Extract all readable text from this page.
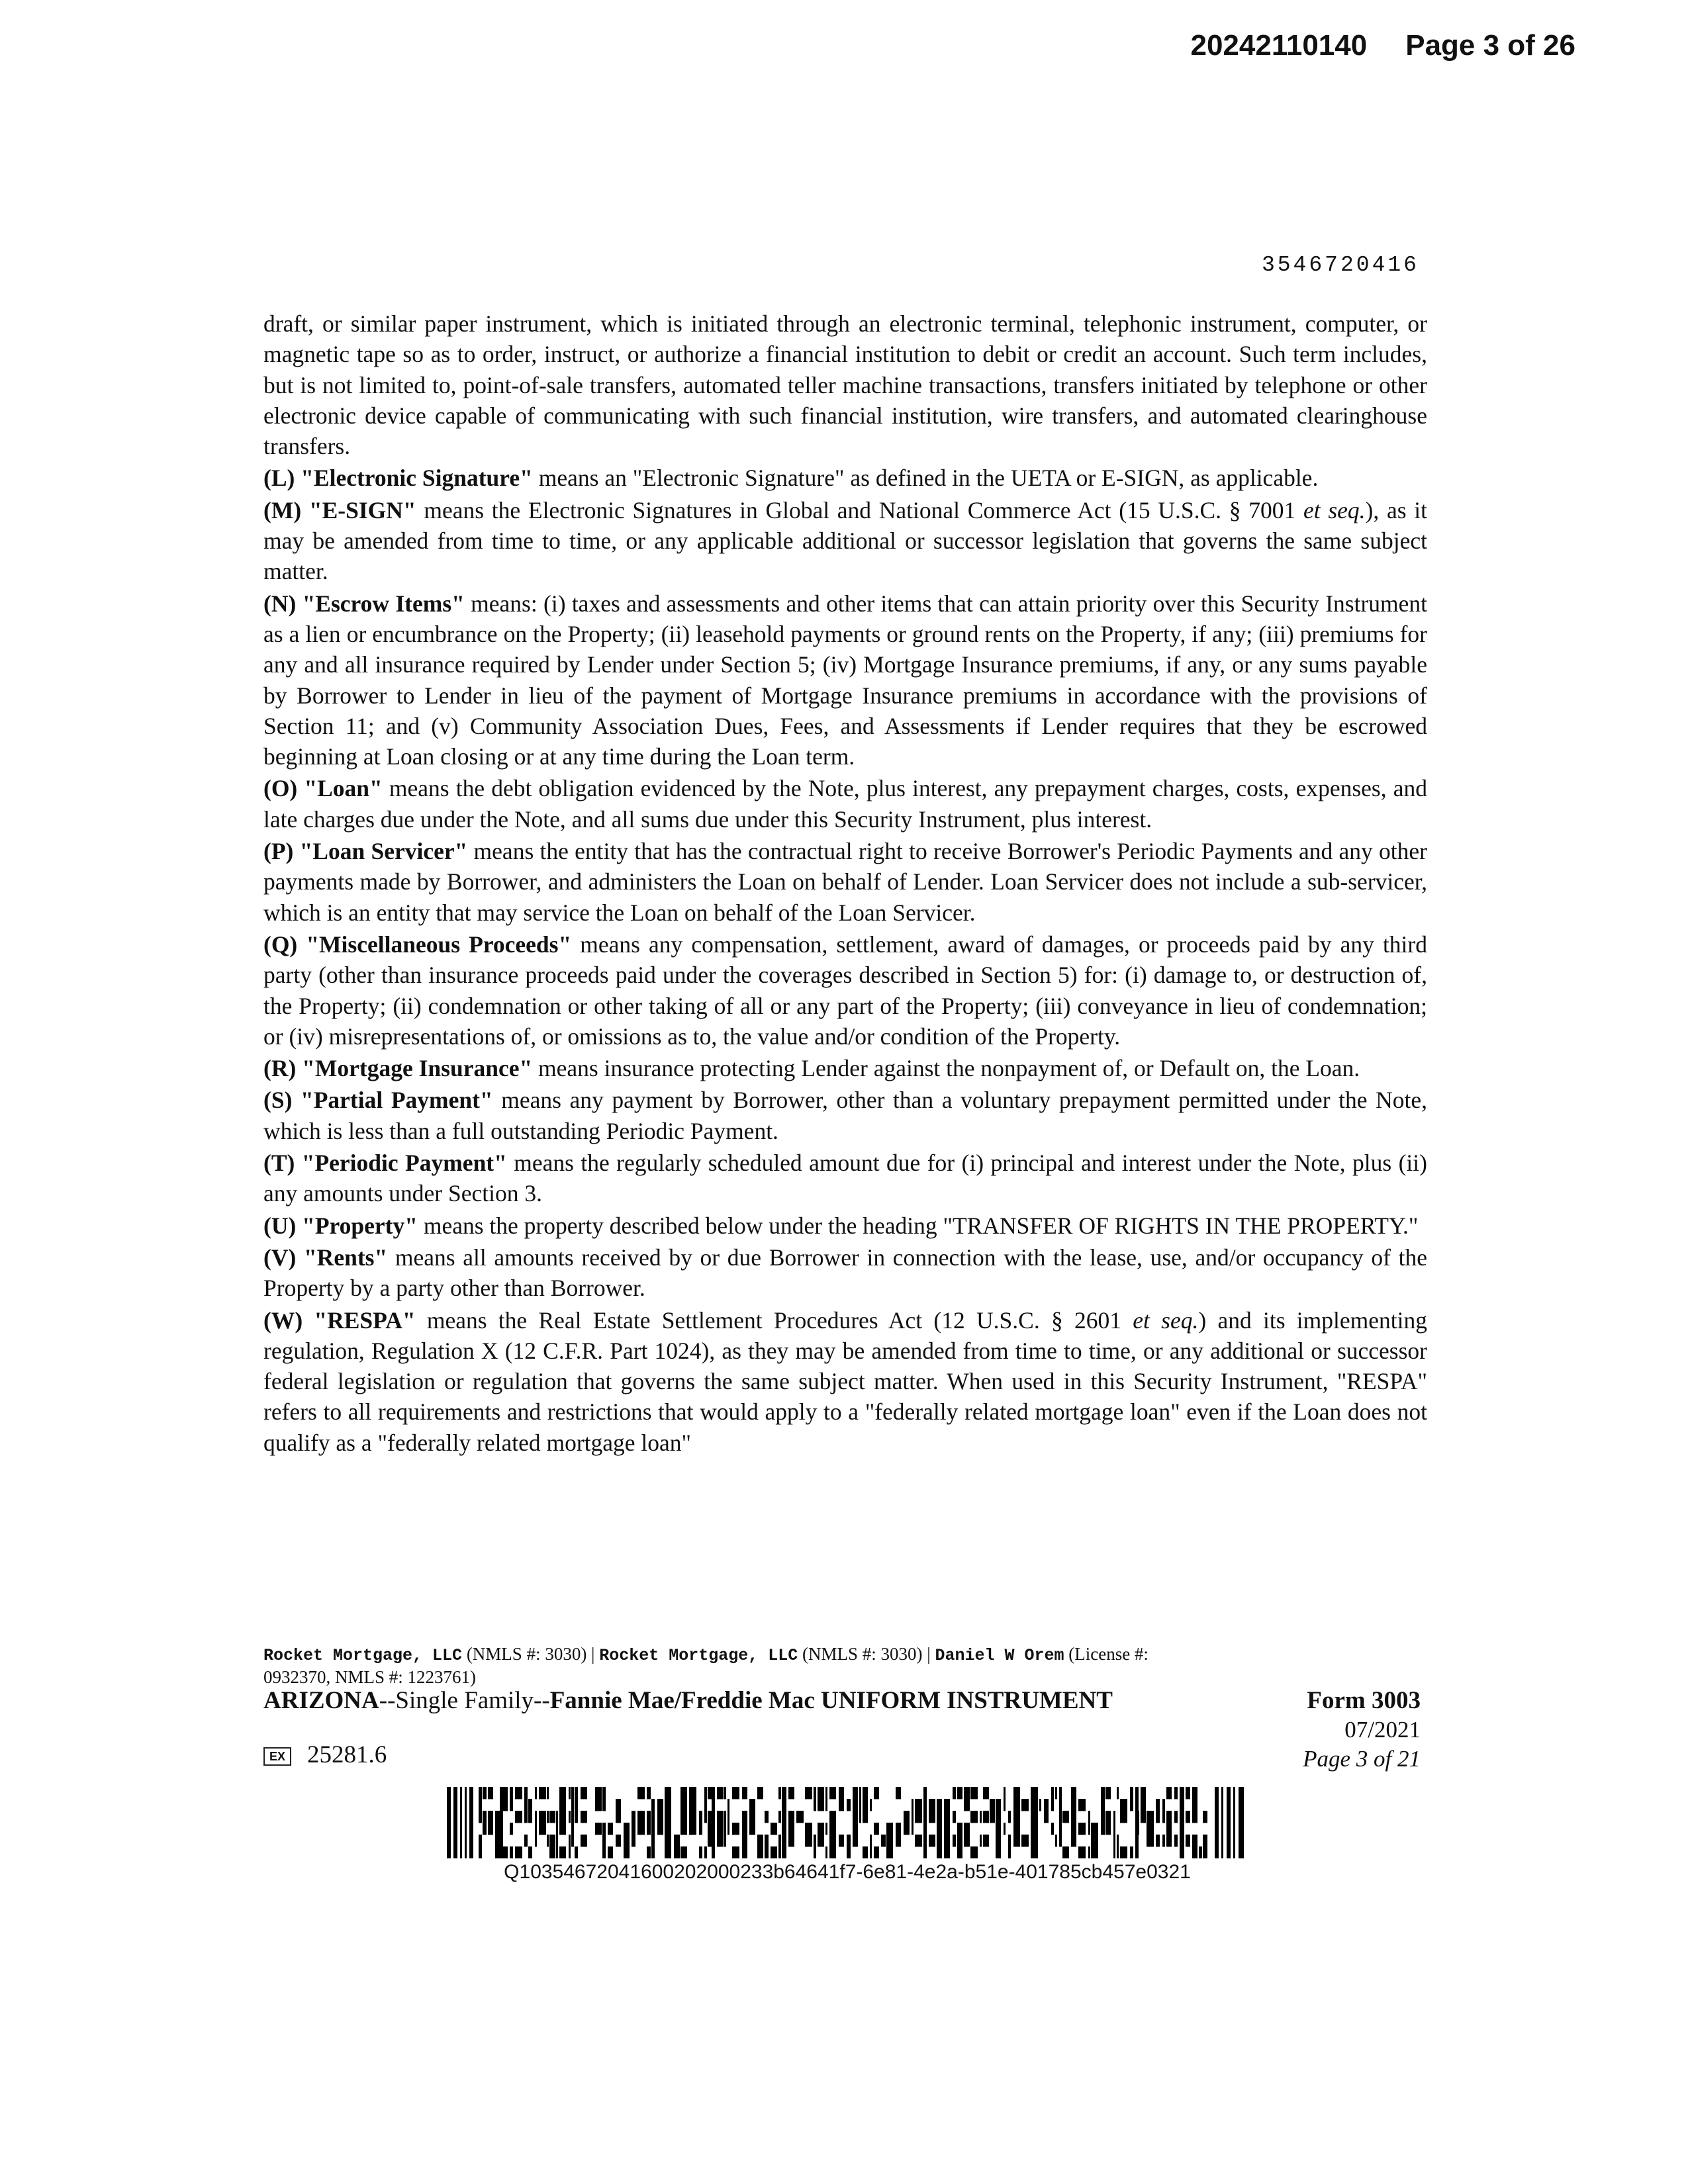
20242110140 Page 3 of 26
3546720416

draft, or similar paper instrument, which is initiated through an electronic terminal, telephonic instrument, computer, or magnetic tape so as to order, instruct, or authorize a financial institution to debit or credit an account. Such term includes, but is not limited to, point-of-sale transfers, automated teller machine transactions, transfers initiated by telephone or other electronic device capable of communicating with such financial institution, wire transfers, and automated clearinghouse transfers.

(L) "Electronic Signature" means an "Electronic Signature" as defined in the UETA or E-SIGN, as applicable.

(M) "E-SIGN" means the Electronic Signatures in Global and National Commerce Act (15 U.S.C. § 7001 et seq.), as it may be amended from time to time, or any applicable additional or successor legislation that governs the same subject matter.

(N) "Escrow Items" means: (i) taxes and assessments and other items that can attain priority over this Security Instrument as a lien or encumbrance on the Property; (ii) leasehold payments or ground rents on the Property, if any; (iii) premiums for any and all insurance required by Lender under Section 5; (iv) Mortgage Insurance premiums, if any, or any sums payable by Borrower to Lender in lieu of the payment of Mortgage Insurance premiums in accordance with the provisions of Section 11; and (v) Community Association Dues, Fees, and Assessments if Lender requires that they be escrowed beginning at Loan closing or at any time during the Loan term.

(O) "Loan" means the debt obligation evidenced by the Note, plus interest, any prepayment charges, costs, expenses, and late charges due under the Note, and all sums due under this Security Instrument, plus interest.

(P) "Loan Servicer" means the entity that has the contractual right to receive Borrower's Periodic Payments and any other payments made by Borrower, and administers the Loan on behalf of Lender. Loan Servicer does not include a sub-servicer, which is an entity that may service the Loan on behalf of the Loan Servicer.

(Q) "Miscellaneous Proceeds" means any compensation, settlement, award of damages, or proceeds paid by any third party (other than insurance proceeds paid under the coverages described in Section 5) for: (i) damage to, or destruction of, the Property; (ii) condemnation or other taking of all or any part of the Property; (iii) conveyance in lieu of condemnation; or (iv) misrepresentations of, or omissions as to, the value and/or condition of the Property.

(R) "Mortgage Insurance" means insurance protecting Lender against the nonpayment of, or Default on, the Loan.

(S) "Partial Payment" means any payment by Borrower, other than a voluntary prepayment permitted under the Note, which is less than a full outstanding Periodic Payment.

(T) "Periodic Payment" means the regularly scheduled amount due for (i) principal and interest under the Note, plus (ii) any amounts under Section 3.

(U) "Property" means the property described below under the heading "TRANSFER OF RIGHTS IN THE PROPERTY."

(V) "Rents" means all amounts received by or due Borrower in connection with the lease, use, and/or occupancy of the Property by a party other than Borrower.

(W) "RESPA" means the Real Estate Settlement Procedures Act (12 U.S.C. § 2601 et seq.) and its implementing regulation, Regulation X (12 C.F.R. Part 1024), as they may be amended from time to time, or any additional or successor federal legislation or regulation that governs the same subject matter. When used in this Security Instrument, "RESPA" refers to all requirements and restrictions that would apply to a "federally related mortgage loan" even if the Loan does not qualify as a "federally related mortgage loan"

Rocket Mortgage, LLC (NMLS #: 3030) | Rocket Mortgage, LLC (NMLS #: 3030) | Daniel W Orem (License #:
0932370, NMLS #: 1223761)
ARIZONA--Single Family--Fannie Mae/Freddie Mac UNIFORM INSTRUMENT	Form 3003
07/2021
Page 3 of 21
EX 25281.6
Q10354672041600202000233b64641f7-6e81-4e2a-b51e-401785cb457e0321
